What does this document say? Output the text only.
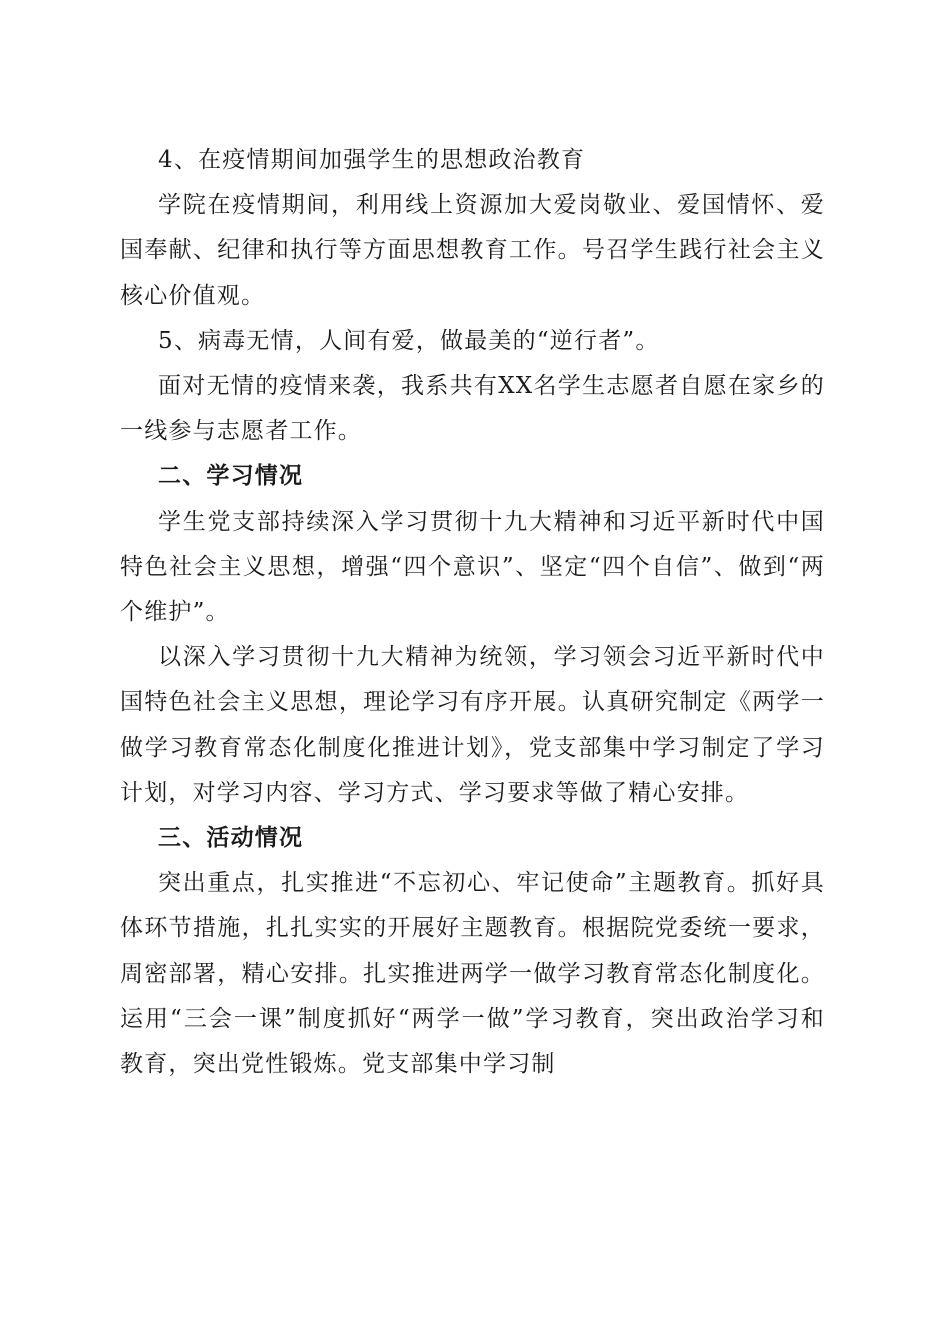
4、在疫情期间加强学生的思想政治教育

学院在疫情期间，利用线上资源加大爱岗敬业、爱国情怀、爱国奉献、纪律和执行等方面思想教育工作。号召学生践行社会主义核心价值观。

5、病毒无情，人间有爱，做最美的“逆行者”。

面对无情的疫情来袭，我系共有XX名学生志愿者自愿在家乡的一线参与志愿者工作。

二、学习情况

学生党支部持续深入学习贯彻十九大精神和习近平新时代中国特色社会主义思想，增强“四个意识”、坚定“四个自信”、做到“两个维护”。

以深入学习贯彻十九大精神为统领，学习领会习近平新时代中国特色社会主义思想，理论学习有序开展。认真研究制定《两学一做学习教育常态化制度化推进计划》，党支部集中学习制定了学习计划，对学习内容、学习方式、学习要求等做了精心安排。

三、活动情况

突出重点，扎实推进“不忘初心、牢记使命”主题教育。抓好具体环节措施，扎扎实实的开展好主题教育。根据院党委统一要求，周密部署，精心安排。扎实推进两学一做学习教育常态化制度化。运用“三会一课”制度抓好“两学一做”学习教育，突出政治学习和教育，突出党性锻炼。党支部集中学习制
